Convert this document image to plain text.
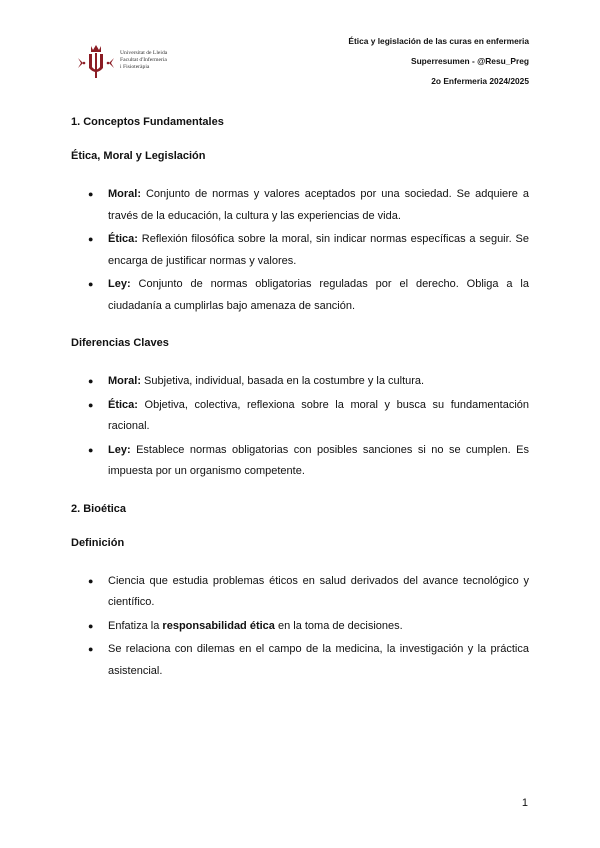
Universitat de Lleida
Facultat d'Infermeria
i Fisioteràpia
Ética y legislación de las curas en enfermeria
Superresumen - @Resu_Preg
2o Enfermeria 2024/2025
1. Conceptos Fundamentales
Ética, Moral y Legislación
● Moral: Conjunto de normas y valores aceptados por una sociedad. Se adquiere a través de la educación, la cultura y las experiencias de vida.
● Ética: Reflexión filosófica sobre la moral, sin indicar normas específicas a seguir. Se encarga de justificar normas y valores.
● Ley: Conjunto de normas obligatorias reguladas por el derecho. Obliga a la ciudadanía a cumplirlas bajo amenaza de sanción.
Diferencias Claves
● Moral: Subjetiva, individual, basada en la costumbre y la cultura.
● Ética: Objetiva, colectiva, reflexiona sobre la moral y busca su fundamentación racional.
● Ley: Establece normas obligatorias con posibles sanciones si no se cumplen. Es impuesta por un organismo competente.
2. Bioética
Definición
● Ciencia que estudia problemas éticos en salud derivados del avance tecnológico y científico.
● Enfatiza la responsabilidad ética en la toma de decisiones.
● Se relaciona con dilemas en el campo de la medicina, la investigación y la práctica asistencial.
1
